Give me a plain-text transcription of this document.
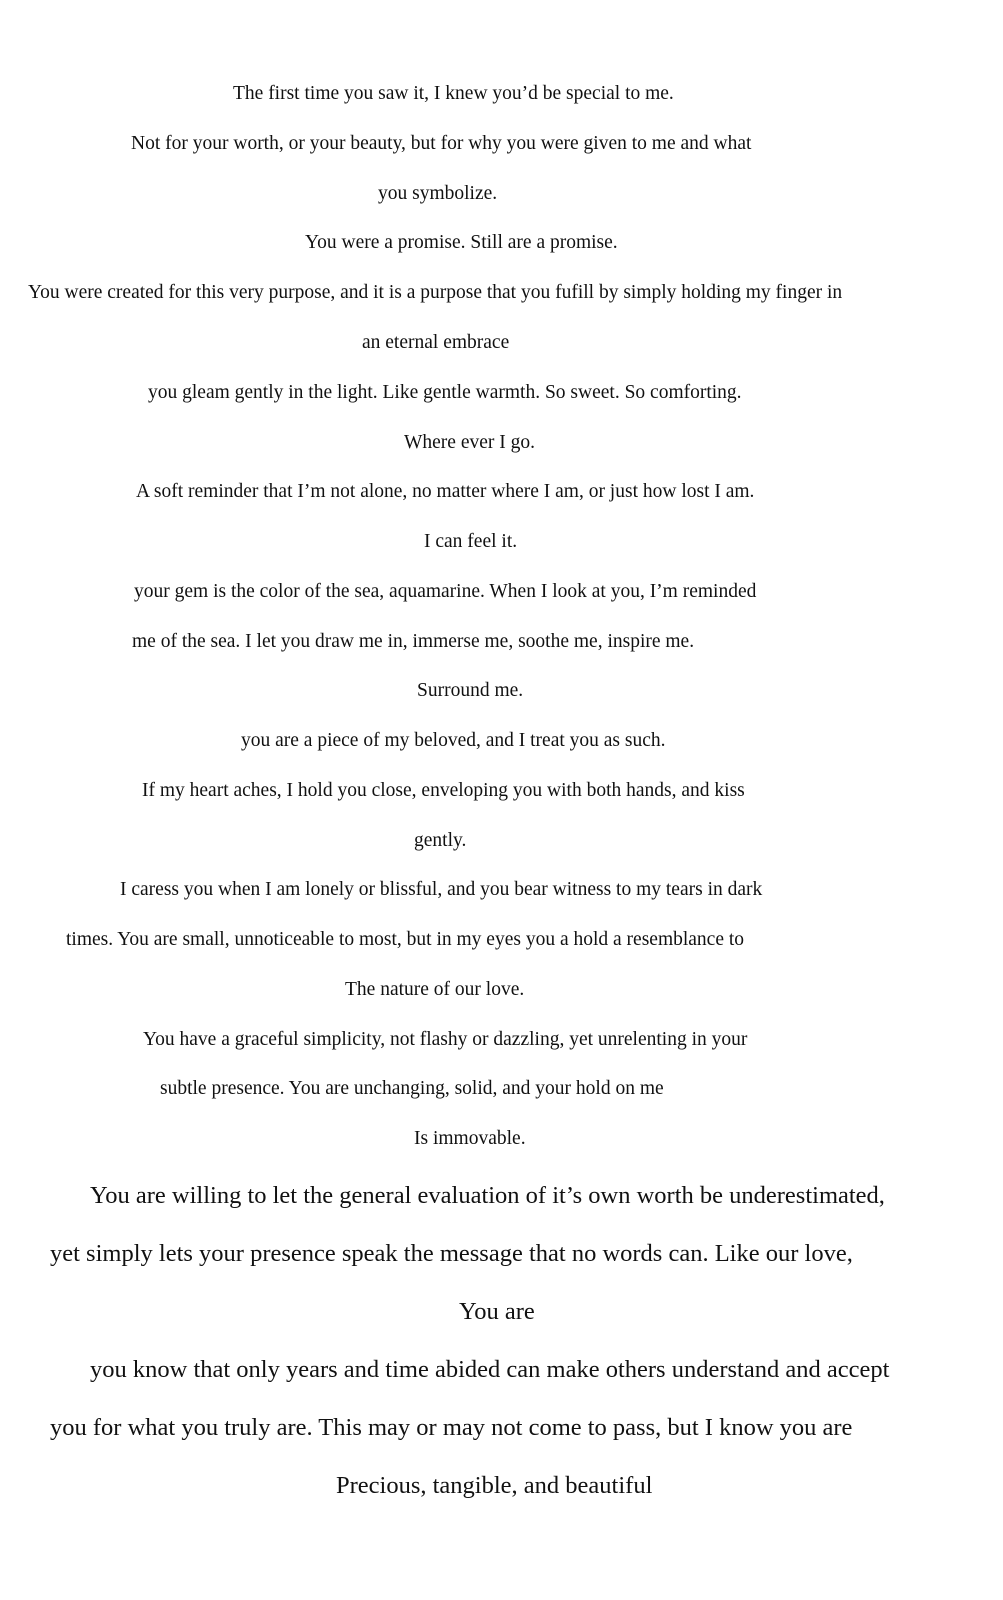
The first time you saw it, I knew you’d be special to me.
Not for your worth, or your beauty, but for why you were given to me and what
you symbolize.
You were a promise. Still are a promise.
You were created for this very purpose, and it is a purpose that you fufill by simply holding my finger in
an eternal embrace
you gleam gently in the light. Like gentle warmth. So sweet. So comforting.
Where ever I go.
A soft reminder that I’m not alone, no matter where I am, or just how lost I am.
I can feel it.
your gem is the color of the sea, aquamarine. When I look at you, I’m reminded
me of the sea. I let you draw me in, immerse me, soothe me, inspire me.
Surround me.
you are a piece of my beloved, and I treat you as such.
If my heart aches, I hold you close, enveloping you with both hands, and kiss
gently.
I caress you when I am lonely or blissful, and you bear witness to my tears in dark
times. You are small, unnoticeable to most, but in my eyes you a hold a resemblance to
The nature of our love.
You have a graceful simplicity, not flashy or dazzling, yet unrelenting in your
subtle presence. You are unchanging, solid, and your hold on me
Is immovable.
You are willing to let the general evaluation of it’s own worth be underestimated,
yet simply lets your presence speak the message that no words can. Like our love,
You are
you know that only years and time abided can make others understand and accept
you for what you truly are. This may or may not come to pass, but I know you are
Precious, tangible, and beautiful
